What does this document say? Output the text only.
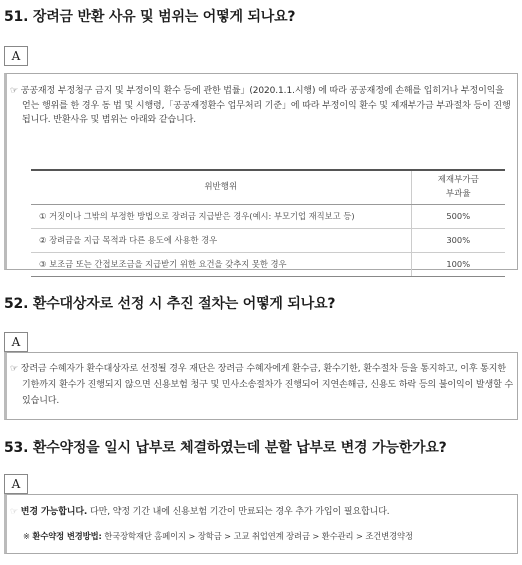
51. 장려금 반환 사유 및 범위는 어떻게 되나요?
A
☞ 공공재정 부정청구 금지 및 부정이익 환수 등에 관한 법률」(2020.1.1.시행) 에 따라 공공재정에 손해를 입히거나 부정이익을 얻는 행위를 한 경우 동 법 및 시행령,「공공재정환수 업무처리 기준」에 따라 부정이익 환수 및 제재부가금 부과절차 등이 진행됩니다. 반환사유 및 범위는 아래와 같습니다.
위반행위	제재부가금
부과율

① 거짓이나 그밖의 부정한 방법으로 장려금 지급받은 경우(예시: 부모기업 재직보고 등)	500%
② 장려금을 지급 목적과 다른 용도에 사용한 경우	300%
③ 보조금 또는 간접보조금을 지급받기 위한 요건을 갖추지 못한 경우	100%
52. 환수대상자로 선정 시 추진 절차는 어떻게 되나요?
A
☞ 장려금 수혜자가 환수대상자로 선정될 경우 재단은 장려금 수혜자에게 환수금, 환수기한, 환수절차 등을 통지하고, 이후 통지한 기한까지 환수가 진행되지 않으면 신용보험 청구 및 민사소송절차가 진행되어 지연손해금, 신용도 하락 등의 불이익이 발생할 수 있습니다.
53. 환수약정을 일시 납부로 체결하였는데 분할 납부로 변경 가능한가요?
A
☞ 변경 가능합니다. 다만, 약정 기간 내에 신용보험 기간이 만료되는 경우 추가 가입이 필요합니다.
※ 환수약정 변경방법: 한국장학재단 홈페이지 > 장학금 > 고교 취업연계 장려금 > 환수관리 > 조건변경약정
